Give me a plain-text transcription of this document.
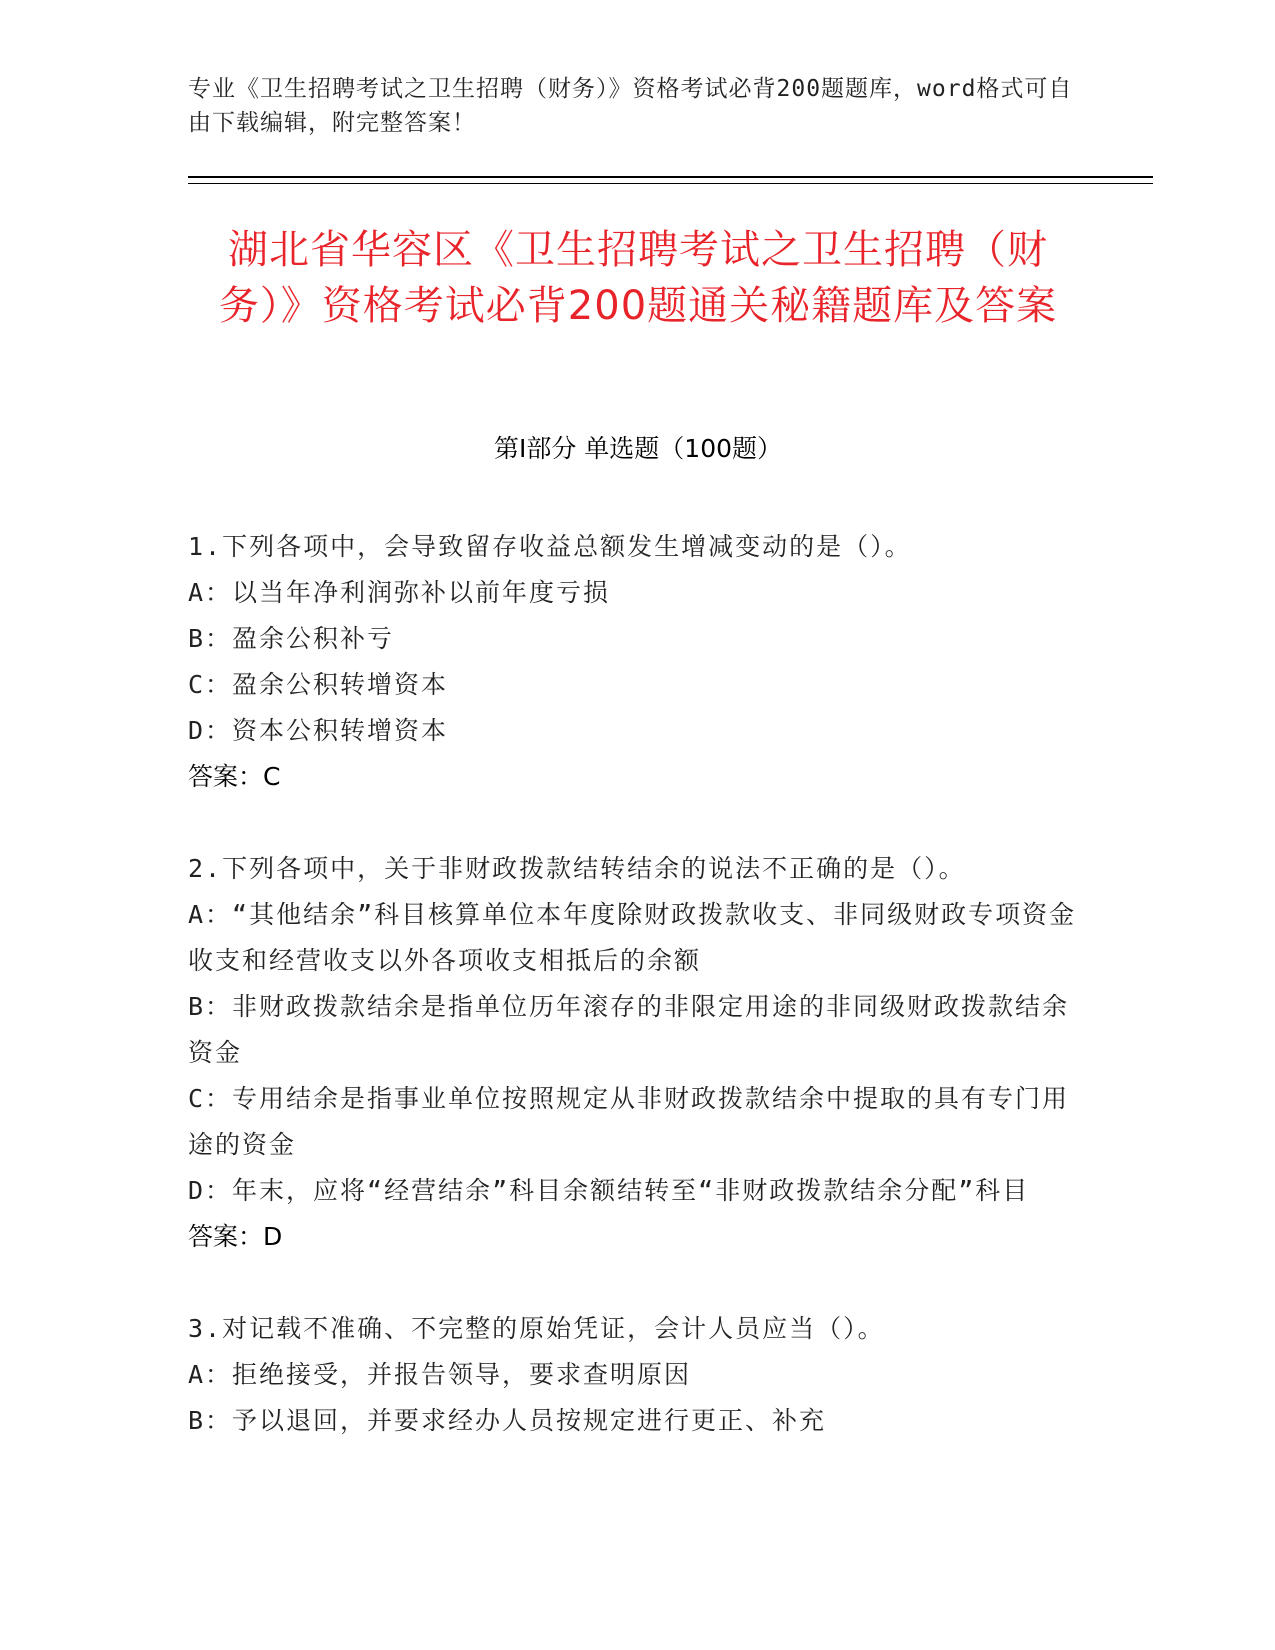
专业《卫生招聘考试之卫生招聘（财务）》资格考试必背200题题库，word格式可自由下载编辑，附完整答案！
湖北省华容区《卫生招聘考试之卫生招聘（财务）》资格考试必背200题通关秘籍题库及答案
第I部分 单选题（100题）
1.下列各项中，会导致留存收益总额发生增减变动的是（）。
A：以当年净利润弥补以前年度亏损
B：盈余公积补亏
C：盈余公积转增资本
D：资本公积转增资本
答案：C
2.下列各项中，关于非财政拨款结转结余的说法不正确的是（）。
A：“其他结余”科目核算单位本年度除财政拨款收支、非同级财政专项资金收支和经营收支以外各项收支相抵后的余额
B：非财政拨款结余是指单位历年滚存的非限定用途的非同级财政拨款结余资金
C：专用结余是指事业单位按照规定从非财政拨款结余中提取的具有专门用途的资金
D：年末，应将“经营结余”科目余额结转至“非财政拨款结余分配”科目
答案：D
3.对记载不准确、不完整的原始凭证，会计人员应当（）。
A：拒绝接受，并报告领导，要求查明原因
B：予以退回，并要求经办人员按规定进行更正、补充
